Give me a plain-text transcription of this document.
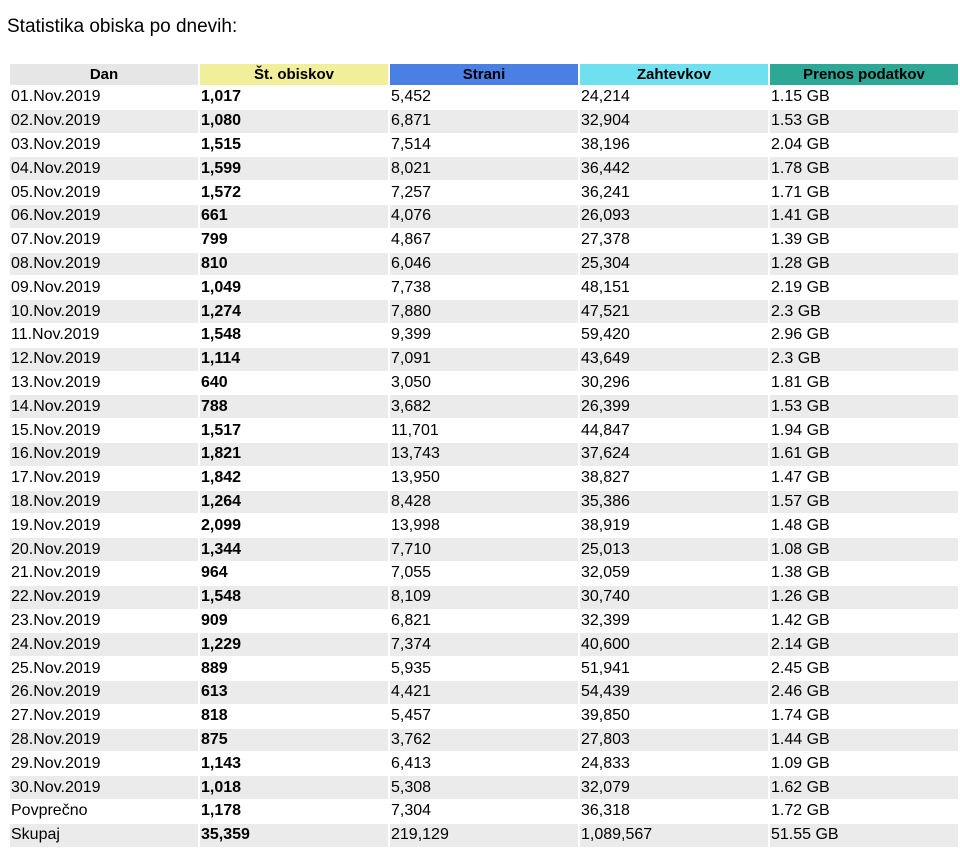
Statistika obiska po dnevih:
Dan	Št. obiskov	Strani	Zahtevkov	Prenos podatkov
01.Nov.2019	1,017	5,452	24,214	1.15 GB
02.Nov.2019	1,080	6,871	32,904	1.53 GB
03.Nov.2019	1,515	7,514	38,196	2.04 GB
04.Nov.2019	1,599	8,021	36,442	1.78 GB
05.Nov.2019	1,572	7,257	36,241	1.71 GB
06.Nov.2019	661	4,076	26,093	1.41 GB
07.Nov.2019	799	4,867	27,378	1.39 GB
08.Nov.2019	810	6,046	25,304	1.28 GB
09.Nov.2019	1,049	7,738	48,151	2.19 GB
10.Nov.2019	1,274	7,880	47,521	2.3 GB
11.Nov.2019	1,548	9,399	59,420	2.96 GB
12.Nov.2019	1,114	7,091	43,649	2.3 GB
13.Nov.2019	640	3,050	30,296	1.81 GB
14.Nov.2019	788	3,682	26,399	1.53 GB
15.Nov.2019	1,517	11,701	44,847	1.94 GB
16.Nov.2019	1,821	13,743	37,624	1.61 GB
17.Nov.2019	1,842	13,950	38,827	1.47 GB
18.Nov.2019	1,264	8,428	35,386	1.57 GB
19.Nov.2019	2,099	13,998	38,919	1.48 GB
20.Nov.2019	1,344	7,710	25,013	1.08 GB
21.Nov.2019	964	7,055	32,059	1.38 GB
22.Nov.2019	1,548	8,109	30,740	1.26 GB
23.Nov.2019	909	6,821	32,399	1.42 GB
24.Nov.2019	1,229	7,374	40,600	2.14 GB
25.Nov.2019	889	5,935	51,941	2.45 GB
26.Nov.2019	613	4,421	54,439	2.46 GB
27.Nov.2019	818	5,457	39,850	1.74 GB
28.Nov.2019	875	3,762	27,803	1.44 GB
29.Nov.2019	1,143	6,413	24,833	1.09 GB
30.Nov.2019	1,018	5,308	32,079	1.62 GB
Povprečno	1,178	7,304	36,318	1.72 GB
Skupaj	35,359	219,129	1,089,567	51.55 GB
